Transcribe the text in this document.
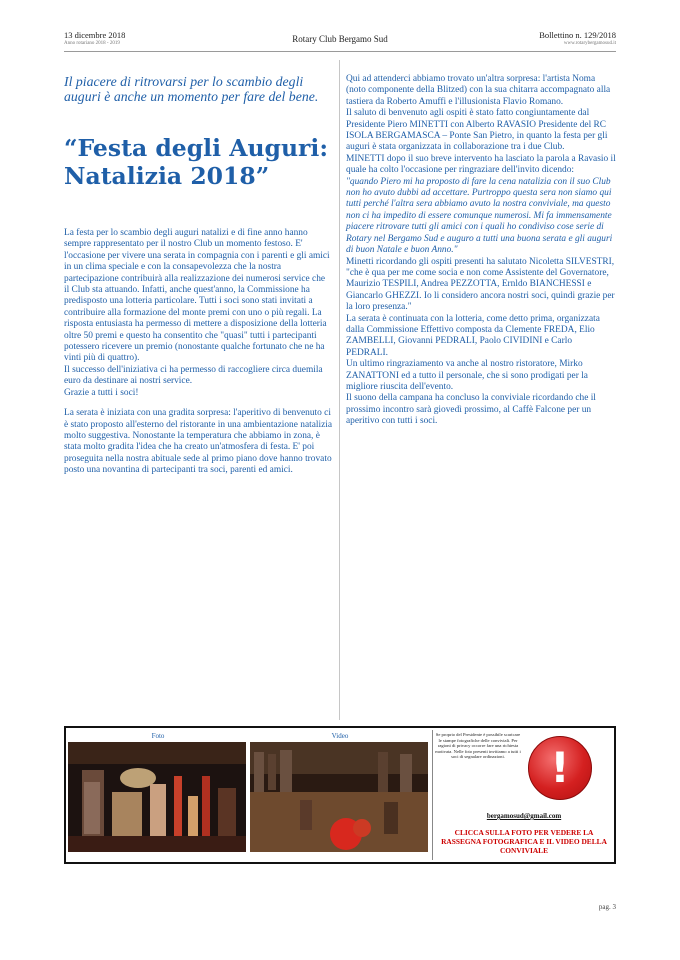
13 dicembre 2018
Anno rotariano 2018 - 2019	Rotary Club Bergamo Sud	Bollettino n. 129/2018
www.rotarybergamosud.it

Il piacere di ritrovarsi per lo scambio degli auguri è anche un momento per fare del bene.

“Festa degli Auguri: Natalizia 2018”

La festa per lo scambio degli auguri natalizi e di fine anno hanno sempre rappresentato per il nostro Club un momento festoso. E' l'occasione per vivere una serata in compagnia con i parenti e gli amici in un clima speciale e con la consapevolezza che la nostra partecipazione contribuirà alla realizzazione dei numerosi service che il Club sta attuando. Infatti, anche quest'anno, la Commissione ha predisposto una lotteria particolare. Tutti i soci sono stati invitati a contribuire alla formazione del monte premi con uno o più regali. La risposta entusiasta ha permesso di mettere a disposizione della lotteria oltre 50 premi e questo ha consentito che "quasi" tutti i partecipanti potessero ricevere un premio (nonostante qualche fortunato che ne ha vinti più di quattro).

Il successo dell'iniziativa ci ha permesso di raccogliere circa duemila euro da destinare ai nostri service.

Grazie a tutti i soci!

La serata è iniziata con una gradita sorpresa: l'aperitivo di benvenuto ci è stato proposto all'esterno del ristorante in una ambientazione natalizia molto suggestiva. Nonostante la temperatura che abbiamo in zona, è stata molto gradita l'idea che ha creato un'atmosfera di festa. E' poi proseguita nella nostra abituale sede al primo piano dove hanno trovato posto una novantina di partecipanti tra soci, parenti ed amici.

Qui ad attenderci abbiamo trovato un'altra sorpresa: l'artista Noma (noto componente della Blitzed) con la sua chitarra accompagnato alla tastiera da Roberto Amuffi e l'illusionista Flavio Romano.

Il saluto di benvenuto agli ospiti è stato fatto congiuntamente dal Presidente Piero MINETTI con Alberto RAVASIO Presidente del RC ISOLA BERGAMASCA – Ponte San Pietro, in quanto la festa per gli auguri è stata organizzata in collaborazione tra i due Club.

MINETTI dopo il suo breve intervento ha lasciato la parola a Ravasio il quale ha colto l'occasione per ringraziare dell'invito dicendo:

"quando Piero mi ha proposto di fare la cena natalizia con il suo Club non ho avuto dubbi ad accettare. Purtroppo questa sera non siamo qui tutti perché l'altra sera abbiamo avuto la nostra conviviale, ma questo non ci ha impedito di essere comunque numerosi. Mi fa immensamente piacere ritrovare tutti gli amici con i quali ho condiviso cose serie di Rotary nel Bergamo Sud e auguro a tutti una buona serata e gli auguri di buon Natale e buon Anno."

Minetti ricordando gli ospiti presenti ha salutato Nicoletta SILVESTRI, "che è qua per me come socia e non come Assistente del Governatore, Maurizio TESPILI, Andrea PEZZOTTA, Ernldo BIANCHESSI e Giancarlo GHEZZI. Io li considero ancora nostri soci, quindi grazie per la loro presenza."

La serata è continuata con la lotteria, come detto prima, organizzata dalla Commissione Effettivo composta da Clemente FREDA, Elio ZAMBELLI, Giovanni PEDRALI, Paolo CIVIDINI e Carlo PEDRALI.

Un ultimo ringraziamento va anche al nostro ristoratore, Mirko ZANATTONI ed a tutto il personale, che si sono prodigati per la migliore riuscita dell'evento.

Il suono della campana ha concluso la conviviale ricordando che il prossimo incontro sarà giovedì prossimo, al Caffè Falcone per un aperitivo con tutti i soci.

Foto	Video	Se proprio del Presidente è possibile scaricare le stampe fotografiche delle conviviali. Per ragioni di privacy occorre fare una richiesta motivata. Nelle foto presenti invitiamo a tutti i soci di segnalare ordinazioni.	!
bergamosud@gmail.com
CLICCA SULLA FOTO PER VEDERE LA RASSEGNA FOTOGRAFICA E IL VIDEO DELLA CONVIVIALE
pag. 3
